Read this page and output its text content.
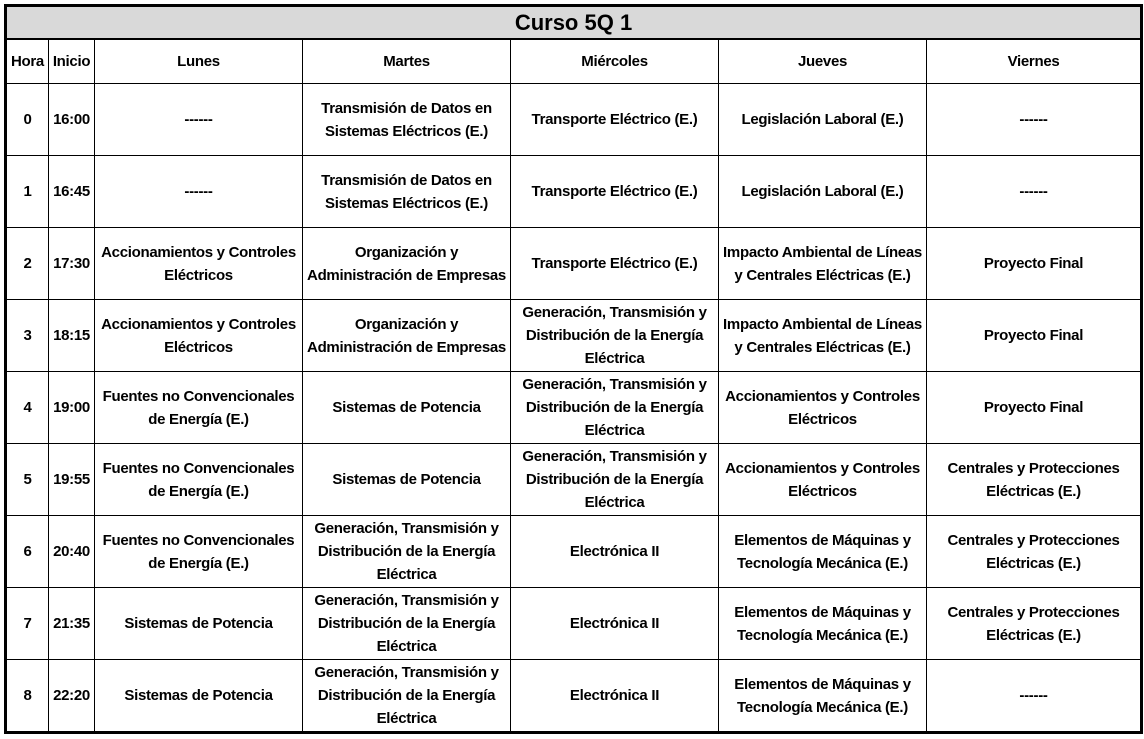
Curso 5Q 1						
Hora	Inicio	Lunes	Martes	Miércoles	Jueves	Viernes
0	16:00	------	Transmisión de Datos en Sistemas Eléctricos (E.)	Transporte Eléctrico (E.)	Legislación Laboral (E.)	------
1	16:45	------	Transmisión de Datos en Sistemas Eléctricos (E.)	Transporte Eléctrico (E.)	Legislación Laboral (E.)	------
2	17:30	Accionamientos y Controles Eléctricos	Organización y Administración de Empresas	Transporte Eléctrico (E.)	Impacto Ambiental de Líneas y Centrales Eléctricas (E.)	Proyecto Final
3	18:15	Accionamientos y Controles Eléctricos	Organización y Administración de Empresas	Generación, Transmisión y Distribución de la Energía Eléctrica	Impacto Ambiental de Líneas y Centrales Eléctricas (E.)	Proyecto Final
4	19:00	Fuentes no Convencionales de Energía (E.)	Sistemas de Potencia	Generación, Transmisión y Distribución de la Energía Eléctrica	Accionamientos y Controles Eléctricos	Proyecto Final
5	19:55	Fuentes no Convencionales de Energía (E.)	Sistemas de Potencia	Generación, Transmisión y Distribución de la Energía Eléctrica	Accionamientos y Controles Eléctricos	Centrales y Protecciones Eléctricas (E.)
6	20:40	Fuentes no Convencionales de Energía (E.)	Generación, Transmisión y Distribución de la Energía Eléctrica	Electrónica II	Elementos de Máquinas y Tecnología Mecánica (E.)	Centrales y Protecciones Eléctricas (E.)
7	21:35	Sistemas de Potencia	Generación, Transmisión y Distribución de la Energía Eléctrica	Electrónica II	Elementos de Máquinas y Tecnología Mecánica (E.)	Centrales y Protecciones Eléctricas (E.)
8	22:20	Sistemas de Potencia	Generación, Transmisión y Distribución de la Energía Eléctrica	Electrónica II	Elementos de Máquinas y Tecnología Mecánica (E.)	------
